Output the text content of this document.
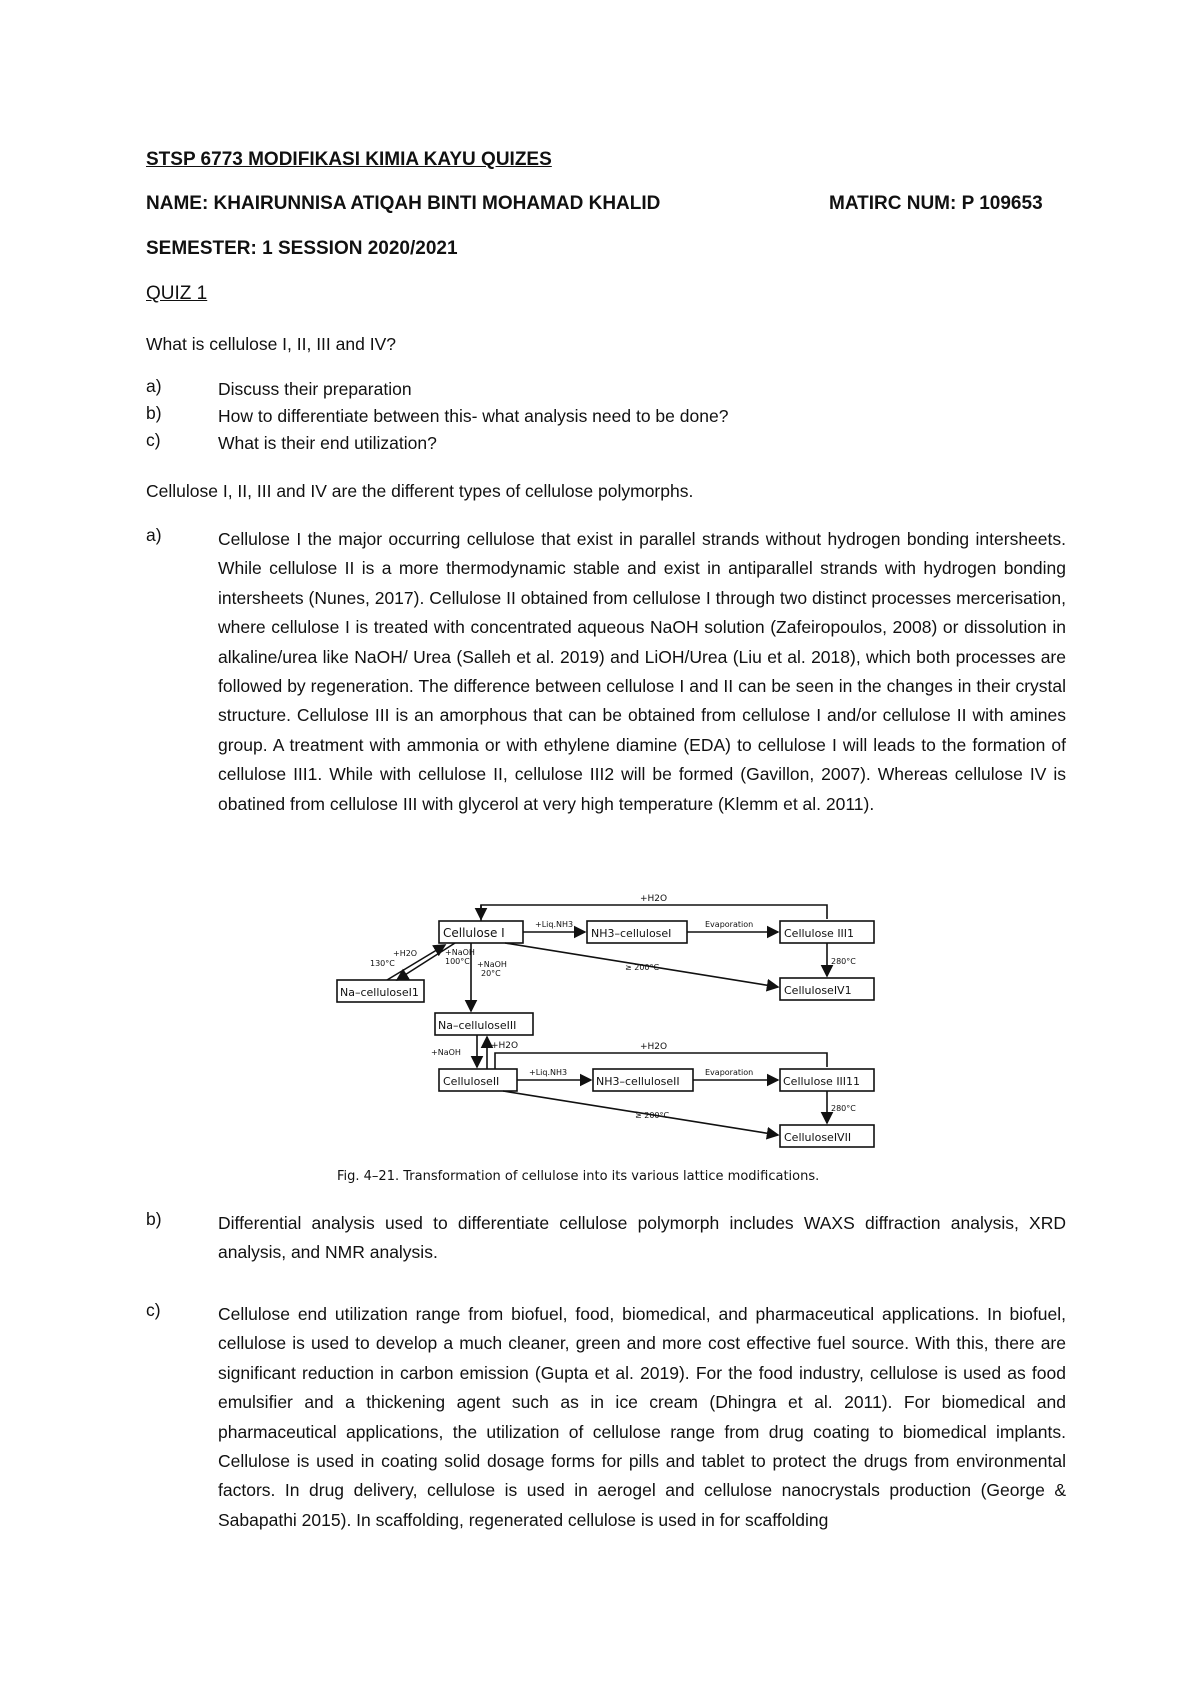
STSP 6773 MODIFIKASI KIMIA KAYU QUIZES
NAME: KHAIRUNNISA ATIQAH BINTI MOHAMAD KHALID	MATIRC NUM: P 109653
SEMESTER: 1 SESSION 2020/2021
QUIZ 1
What is cellulose I, II, III and IV?
a)	Discuss their preparation
b)	How to differentiate between this- what analysis need to be done?
c)	What is their end utilization?
Cellulose I, II, III and IV are the different types of cellulose polymorphs.
a)	Cellulose I the major occurring cellulose that exist in parallel strands without hydrogen bonding intersheets. While cellulose II is a more thermodynamic stable and exist in antiparallel strands with hydrogen bonding intersheets (Nunes, 2017). Cellulose II obtained from cellulose I through two distinct processes mercerisation, where cellulose I is treated with concentrated aqueous NaOH solution (Zafeiropoulos, 2008) or dissolution in alkaline/urea like NaOH/ Urea (Salleh et al. 2019) and LiOH/Urea (Liu et al. 2018), which both processes are followed by regeneration. The difference between cellulose I and II can be seen in the changes in their crystal structure. Cellulose III is an amorphous that can be obtained from cellulose I and/or cellulose II with amines group. A treatment with ammonia or with ethylene diamine (EDA) to cellulose I will leads to the formation of cellulose III1. While with cellulose II, cellulose III2 will be formed (Gavillon, 2007). Whereas cellulose IV is obatined from cellulose III with glycerol at very high temperature (Klemm et al. 2011).
Cellulose I	NH3–celluloseI	Cellulose III1
CelluloseIV1
Na–celluloseI1
Na–celluloseIII
CelluloseII	NH3–celluloseII	Cellulose III11
CelluloseIVII
+H2O
+Liq.NH3	Evaporation
280°C
≥ 200°C
+H2O
130°C
+NaOH
100°C +NaOH
20°C
+NaOH
+H2O	+H2O
+Liq.NH3	Evaporation
280°C
≥ 200°C
Fig. 4–21. Transformation of cellulose into its various lattice modifications.
b)	Differential analysis used to differentiate cellulose polymorph includes WAXS diffraction analysis, XRD analysis, and NMR analysis.
c)	Cellulose end utilization range from biofuel, food, biomedical, and pharmaceutical applications. In biofuel, cellulose is used to develop a much cleaner, green and more cost effective fuel source. With this, there are significant reduction in carbon emission (Gupta et al. 2019). For the food industry, cellulose is used as food emulsifier and a thickening agent such as in ice cream (Dhingra et al. 2011). For biomedical and pharmaceutical applications, the utilization of cellulose range from drug coating to biomedical implants. Cellulose is used in coating solid dosage forms for pills and tablet to protect the drugs from environmental factors. In drug delivery, cellulose is used in aerogel and cellulose nanocrystals production (George & Sabapathi 2015). In scaffolding, regenerated cellulose is used in for scaffolding
